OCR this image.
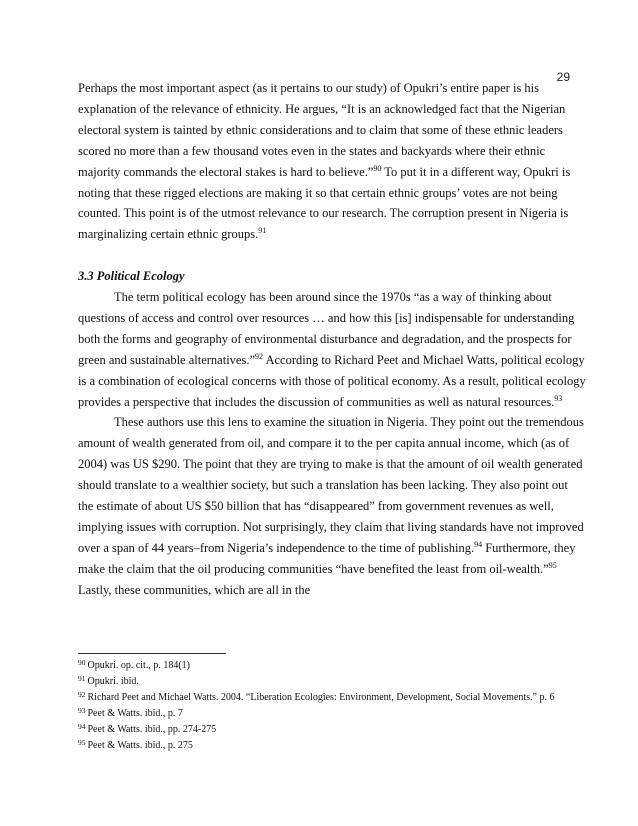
29

Perhaps the most important aspect (as it pertains to our study) of Opukri’s entire paper is his explanation of the relevance of ethnicity. He argues, “It is an acknowledged fact that the Nigerian electoral system is tainted by ethnic considerations and to claim that some of these ethnic leaders scored no more than a few thousand votes even in the states and backyards where their ethnic majority commands the electoral stakes is hard to believe.”$^{90}$ To put it in a different way, Opukri is noting that these rigged elections are making it so that certain ethnic groups’ votes are not being counted. This point is of the utmost relevance to our research. The corruption present in Nigeria is marginalizing certain ethnic groups.$^{91}$

3.3 Political Ecology

The term political ecology has been around since the 1970s “as a way of thinking about questions of access and control over resources … and how this [is] indispensable for understanding both the forms and geography of environmental disturbance and degradation, and the prospects for green and sustainable alternatives.”$^{92}$ According to Richard Peet and Michael Watts, political ecology is a combination of ecological concerns with those of political economy. As a result, political ecology provides a perspective that includes the discussion of communities as well as natural resources.$^{93}$

These authors use this lens to examine the situation in Nigeria. They point out the tremendous amount of wealth generated from oil, and compare it to the per capita annual income, which (as of 2004) was US $290. The point that they are trying to make is that the amount of oil wealth generated should translate to a wealthier society, but such a translation has been lacking. They also point out the estimate of about US $50 billion that has “disappeared” from government revenues as well, implying issues with corruption. Not surprisingly, they claim that living standards have not improved over a span of 44 years–from Nigeria’s independence to the time of publishing.$^{94}$ Furthermore, they make the claim that the oil producing communities “have benefited the least from oil-wealth.”$^{95}$ Lastly, these communities, which are all in the

$^{90}$ Opukri. op. cit., p. 184(1)

$^{91}$ Opukri. ibid.

$^{92}$ Richard Peet and Michael Watts. 2004. “Liberation Ecologies: Environment, Development, Social Movements.” p. 6

$^{93}$ Peet & Watts. ibid., p. 7

$^{94}$ Peet & Watts. ibid., pp. 274-275

$^{95}$ Peet & Watts. ibid., p. 275
